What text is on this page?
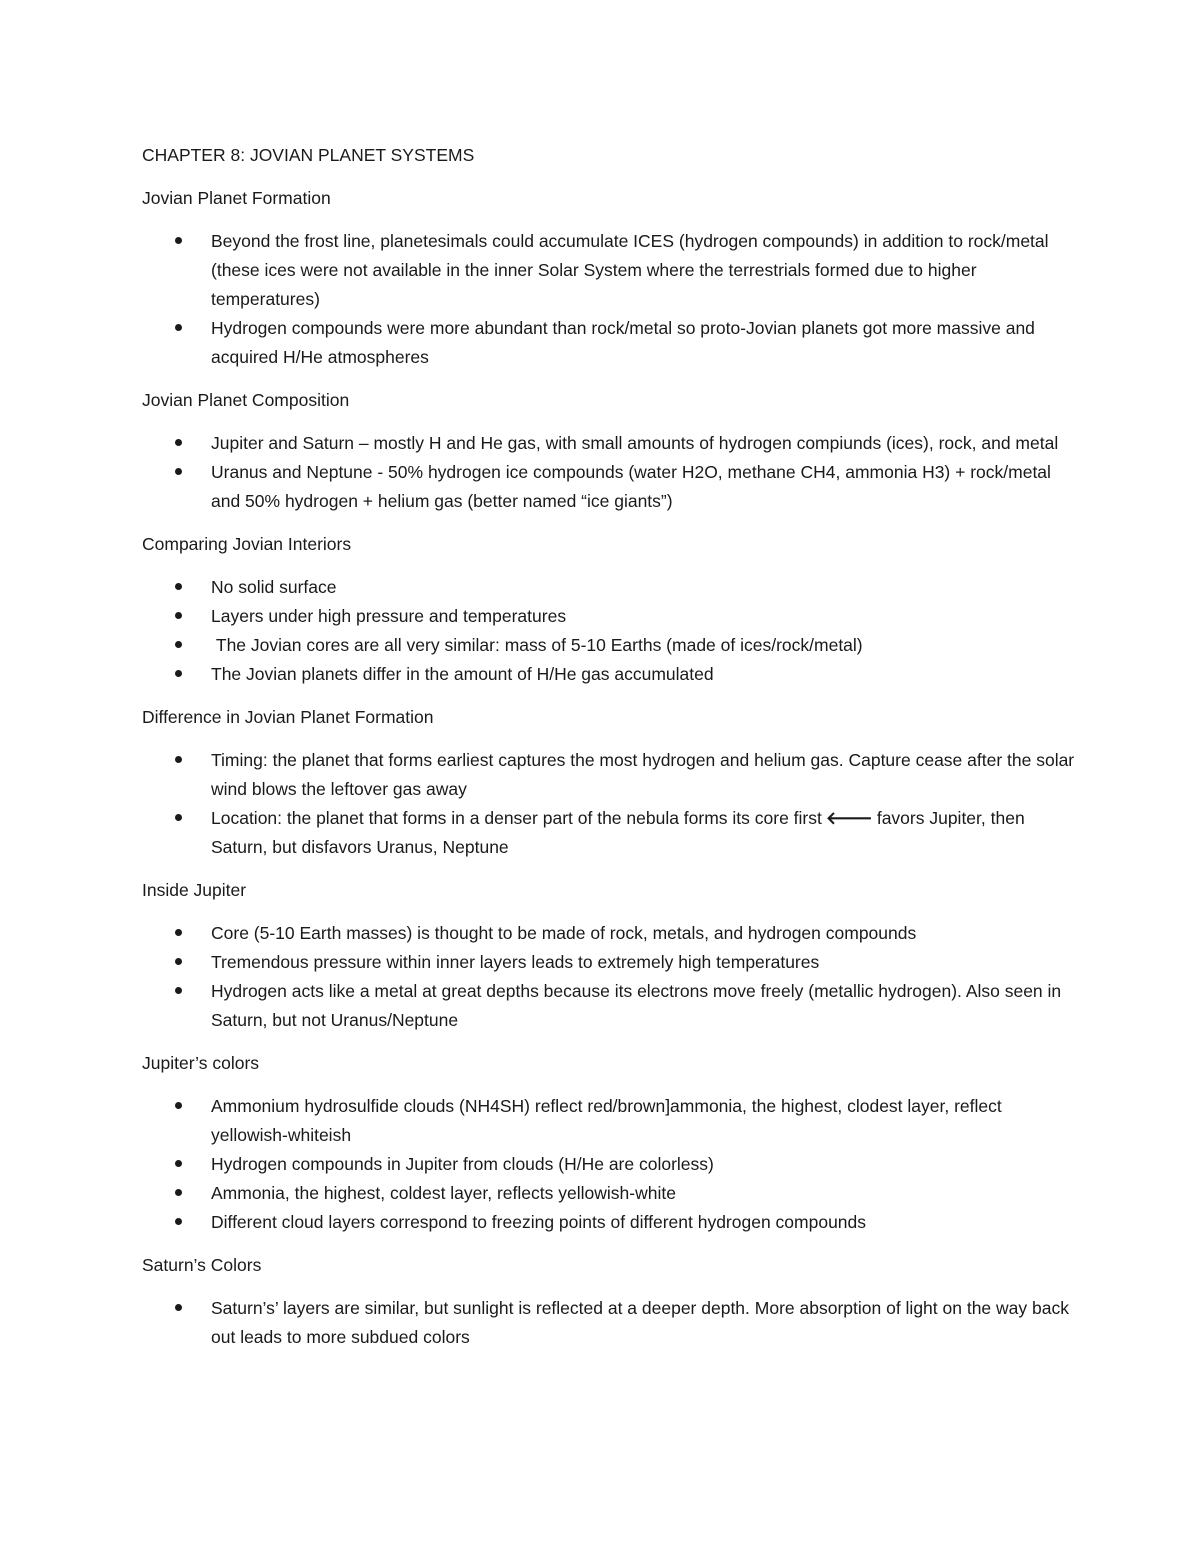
CHAPTER 8: JOVIAN PLANET SYSTEMS

Jovian Planet Formation

Beyond the frost line, planetesimals could accumulate ICES (hydrogen compounds) in addition to rock/metal (these ices were not available in the inner Solar System where the terrestrials formed due to higher temperatures)
Hydrogen compounds were more abundant than rock/metal so proto-Jovian planets got more massive and acquired H/He atmospheres

Jovian Planet Composition

Jupiter and Saturn – mostly H and He gas, with small amounts of hydrogen compiunds (ices), rock, and metal
Uranus and Neptune - 50% hydrogen ice compounds (water H2O, methane CH4, ammonia H3) + rock/metal and 50% hydrogen + helium gas (better named “ice giants”)

Comparing Jovian Interiors

No solid surface
Layers under high pressure and temperatures
The Jovian cores are all very similar: mass of 5-10 Earths (made of ices/rock/metal)
The Jovian planets differ in the amount of H/He gas accumulated

Difference in Jovian Planet Formation

Timing: the planet that forms earliest captures the most hydrogen and helium gas. Capture cease after the solar wind blows the leftover gas away
Location: the planet that forms in a denser part of the nebula forms its core first 🡐 favors Jupiter, then Saturn, but disfavors Uranus, Neptune

Inside Jupiter

Core (5-10 Earth masses) is thought to be made of rock, metals, and hydrogen compounds
Tremendous pressure within inner layers leads to extremely high temperatures
Hydrogen acts like a metal at great depths because its electrons move freely (metallic hydrogen). Also seen in Saturn, but not Uranus/Neptune

Jupiter’s colors

Ammonium hydrosulfide clouds (NH4SH) reflect red/brown]ammonia, the highest, clodest layer, reflect yellowish-whiteish
Hydrogen compounds in Jupiter from clouds (H/He are colorless)
Ammonia, the highest, coldest layer, reflects yellowish-white
Different cloud layers correspond to freezing points of different hydrogen compounds

Saturn’s Colors

Saturn’s’ layers are similar, but sunlight is reflected at a deeper depth. More absorption of light on the way back out leads to more subdued colors
